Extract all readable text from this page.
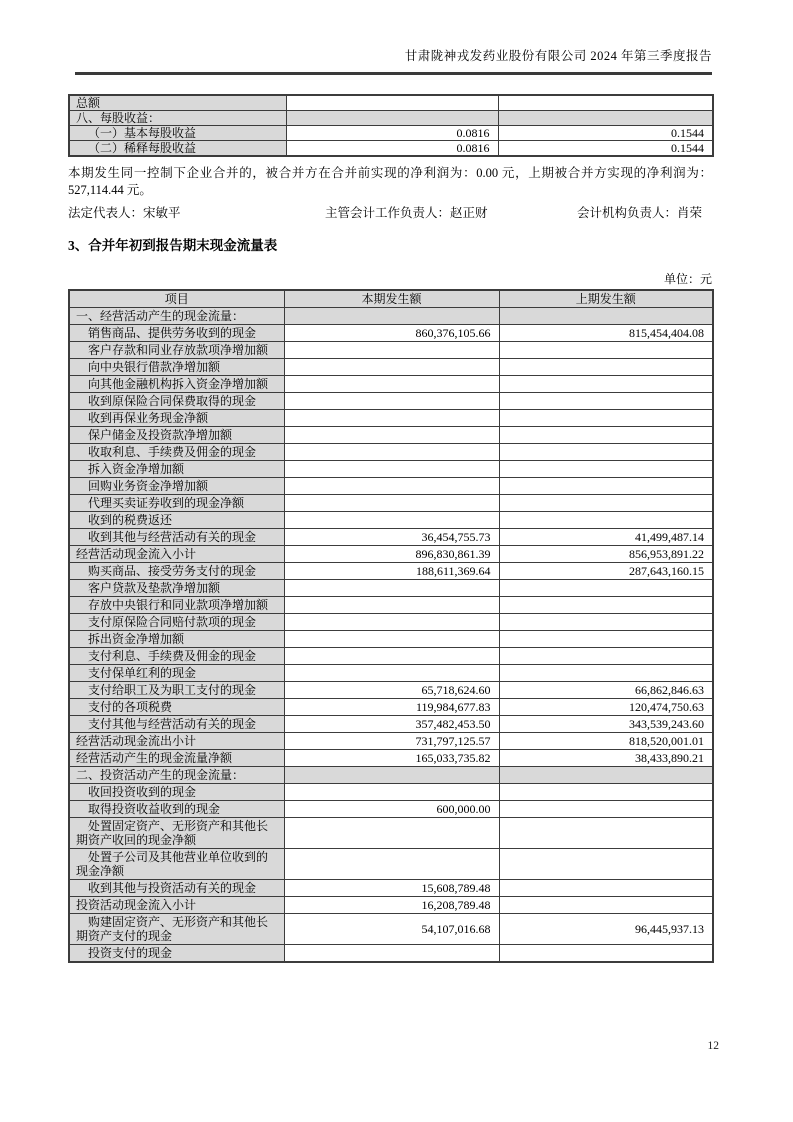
甘肃陇神戎发药业股份有限公司 2024 年第三季度报告
总额		
八、每股收益：		
（一）基本每股收益	0.0816	0.1544
（二）稀释每股收益	0.0816	0.1544
本期发生同一控制下企业合并的，被合并方在合并前实现的净利润为：0.00 元，上期被合并方实现的净利润为：527,114.44 元。
法定代表人：宋敏平	主管会计工作负责人：赵正财	会计机构负责人：肖荣
3、合并年初到报告期末现金流量表
单位：元
项目	本期发生额	上期发生额
一、经营活动产生的现金流量：		
销售商品、提供劳务收到的现金	860,376,105.66	815,454,404.08
客户存款和同业存放款项净增加额		
向中央银行借款净增加额		
向其他金融机构拆入资金净增加额		
收到原保险合同保费取得的现金		
收到再保业务现金净额		
保户储金及投资款净增加额		
收取利息、手续费及佣金的现金		
拆入资金净增加额		
回购业务资金净增加额		
代理买卖证券收到的现金净额		
收到的税费返还		
收到其他与经营活动有关的现金	36,454,755.73	41,499,487.14
经营活动现金流入小计	896,830,861.39	856,953,891.22
购买商品、接受劳务支付的现金	188,611,369.64	287,643,160.15
客户贷款及垫款净增加额		
存放中央银行和同业款项净增加额		
支付原保险合同赔付款项的现金		
拆出资金净增加额		
支付利息、手续费及佣金的现金		
支付保单红利的现金		
支付给职工及为职工支付的现金	65,718,624.60	66,862,846.63
支付的各项税费	119,984,677.83	120,474,750.63
支付其他与经营活动有关的现金	357,482,453.50	343,539,243.60
经营活动现金流出小计	731,797,125.57	818,520,001.01
经营活动产生的现金流量净额	165,033,735.82	38,433,890.21
二、投资活动产生的现金流量：		
收回投资收到的现金		
取得投资收益收到的现金	600,000.00	
处置固定资产、无形资产和其他长期资产收回的现金净额		
处置子公司及其他营业单位收到的现金净额		
收到其他与投资活动有关的现金	15,608,789.48	
投资活动现金流入小计	16,208,789.48	
购建固定资产、无形资产和其他长期资产支付的现金	54,107,016.68	96,445,937.13
投资支付的现金		
12
